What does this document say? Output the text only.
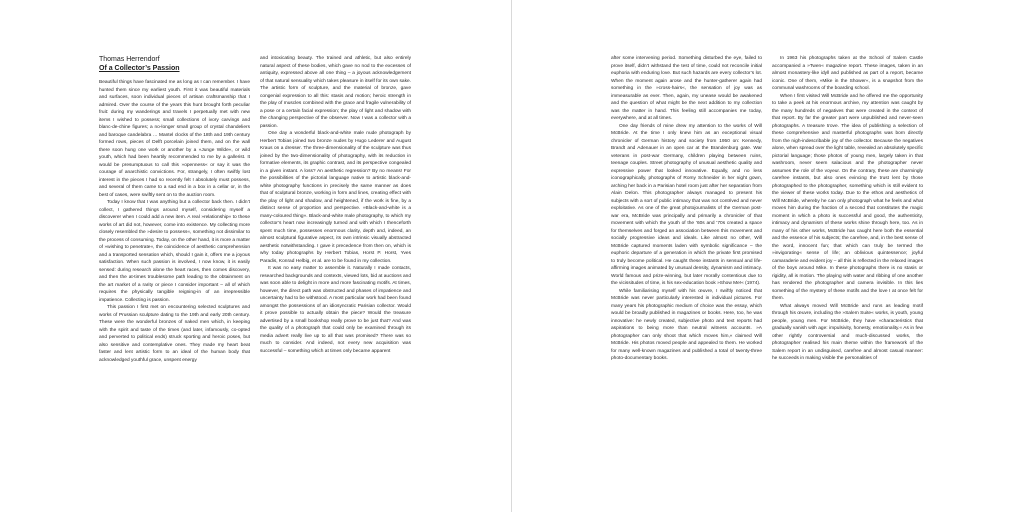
Thomas Herrendorf
Of a Collector’s Passion

Beautiful things have fascinated me as long as I can remember. I have hunted them since my earliest youth. First it was beautiful materials and surfaces, soon individual pieces of artisan craftsmanship that I admired. Over the course of the years this hunt brought forth peculiar fruit: during my wanderings and travels I perpetually met with new items I wished to possess; small collections of ivory carvings and blanc-de-chine figures; a no-longer small group of crystal chandeliers and baroque candelabra … Mantel clocks of the 18th and 19th century formed rows, pieces of Delft porcelain joined them, and on the wall there soon hung one work or another by a »Junge Wilde«, or wild youth, which had been heartily recommended to me by a gallerist. It would be presumptuous to call this »openness« or say it was the courage of anarchistic convictions. For, strangely, I often swiftly lost interest in the pieces I had so recently felt I absolutely must possess, and several of them came to a sad end in a box in a cellar or, in the best of cases, were swiftly sent on to the auction room.

Today I know that I was anything but a collector back then. I didn’t collect, I gathered things around myself, considering myself a discoverer when I could add a new item. A real »relationship« to these works of art did not, however, come into existence. My collecting more closely resembled the »desire to possess«, something not dissimilar to the process of consuming. Today, on the other hand, it is more a matter of »wishing to penetrate«, the coincidence of aesthetic comprehension and a transported sensation which, should I gain it, offers me a joyous satisfaction. When such passion is involved, I now know, it is easily sensed: during research alone the heart races, then comes discovery, and then the at-times troublesome path leading to the obtainment on the art market of a rarity or piece I consider important – all of which requires the physically tangible reigning-in of an irrepressible impatience. Collecting is passion.

This passion I first met on encountering selected sculptures and works of Prussian sculpture dating to the 19th and early 20th century. These were the wonderful bronzes of naked men which, in keeping with the spirit and taste of the times (and later, infamously, co-opted and perverted to political ends) struck sporting and heroic poses, but also sensitive and contemplative ones. They made my heart beat faster and lent artistic form to an ideal of the human body that acknowledged youthful grace, unspent energy

and intoxicating beauty. The trained and athletic, but also entirely natural aspect of these bodies, which gave no nod to the excesses of antiquity, expressed above all one thing – a joyous acknowledgement of that natural sensuality which takes pleasure in itself for its own sake. The artistic form of sculpture, and the material of bronze, gave congenial expression to all this: stasis and motion; heroic strength in the play of muscles combined with the grace and fragile vulnerability of a pose or a certain facial expression; the play of light and shadow with the changing perspective of the observer. Now I was a collector with a passion.

One day a wonderful black-and-white male nude photograph by Herbert Tobias joined two bronze nudes by Hugo Lederer and August Kraus on a dresser. The three-dimensionality of the sculpture was thus joined by the two-dimensionality of photography, with its reduction in formative elements, its graphic contrast, and its perspective congealed in a given instant. A loss? An aesthetic regression? By no means! For the possibilities of the pictorial language native to artistic black-and-white photography functions in precisely the same manner as does that of sculptural bronze, working in form and lines, creating effect with the play of light and shadow, and heightened, if the work is fine, by a distinct sense of proportion and perspective. »Black-and-white is a many-coloured thing«. Black-and-white male photography, to which my collector’s heart now increasingly turned and with which I thenceforth spent much time, possesses enormous clarity, depth and, indeed, an almost sculptural figurative aspect, its own intrinsic visually abstracted aesthetic notwithstanding. I gave it precedence from then on, which is why today photographs by Herbert Tobias, Horst P. Horst, Yves Paradis, Konrad Helbig, et al. are to be found in my collection.

It was no easy matter to assemble it. Naturally I made contacts, researched backgrounds and contexts, viewed lots, bid at auctions and was soon able to delight in more and more fascinating motifs. At times, however, the direct path was obstructed and phases of impatience and uncertainty had to be withstood. A most particular work had been found amongst the possessions of an idiosyncratic Parisian collector. Would it prove possible to actually obtain the piece? Would the treasure advertised by a small bookshop really prove to be just that? And was the quality of a photograph that could only be examined through its media advert really live up to all that was promised? There was so much to consider. And indeed, not every new acquisition was successful – something which at times only became apparent

after some intervening period. Something disturbed the eye, failed to prove itself, didn’t withstand the test of time, could not reconcile initial euphoria with enduring love. But such hazards are every collector’s lot. When the moment again arose and the hunter-gatherer again had something in the »cross-hairs«, the sensation of joy was as immeasurable as ever. Then, again, my unease would be awakened and the question of what might be the next addition to my collection was the matter in hand. This feeling still accompanies me today, everywhere, and at all times.

One day friends of mine drew my attention to the works of Will McBride. At the time I only knew him as an exceptional visual chronicler of German history and society from 1950 on: Kennedy, Brandt and Adenauer in an open car at the Brandenburg gate. War veterans in post-war Germany, children playing between ruins, teenage couples. Street photography of unusual aesthetic quality and expressive power that looked innovative. Equally, and no less iconographically, photographs of Romy Schneider in her night gown, arching her back in a Parisian hotel room just after her separation from Alain Delon. This photographer always managed to present his subjects with a sort of public intimacy that was not contrived and never exploitative. As one of the great photojournalists of the German post-war era, McBride was principally and primarily a chronicler of that movement with which the youth of the ’60s and ’70s created a space for themselves and forged an association between this movement and socially progressive ideas and ideals. Like almost no other, Will McBride captured moments laden with symbolic significance – the euphoric departure of a generation in which the private first promised to truly become political. He caught these instants in sensual and life-affirming images animated by unusual density, dynamism and intimacy. World famous and prize-winning, but later morally contentious due to the vicissitudes of time, is his sex-education book »Show Me!« (1974).

While familiarising myself with his œuvre, I swiftly noticed that McBride was never particularly interested in individual pictures. For many years his photographic medium of choice was the essay, which would be broadly published in magazines or books. Here, too, he was innovative: he newly created, subjective photo and text reports had aspirations to being more than neutral witness accounts. »A photographer can only shoot that which moves him,« claimed Will McBride. His photos moved people and appealed to them. He worked for many well-known magazines and published a total of twenty-three photo-documentary books.

In 1963 his photographs taken at the School of Salem Castle accompanied a »Twen« magazine report. These images, taken in an almost monastery-like idyll and published as part of a report, became iconic. One of them, »Mike in the Shower«, is a snapshot from the communal washrooms of the boarding school.

When I first visited Will McBride and he offered me the opportunity to take a peek at his enormous archive, my attention was caught by the many hundreds of negatives that were created in the context of that report. By far the greater part were unpublished and never-seen photographs. A treasure trove. The idea of publishing a selection of these comprehensive and masterful photographs was born directly from the nigh-indescribable joy of the collector. Because the negatives alone, when spread over the light table, revealed an absolutely specific pictorial language; those photos of young men, largely taken in that washroom, never seem salacious and the photographer never assumes the role of the voyeur. On the contrary, these are charmingly carefree instants, but also ones evincing the trust lent by those photographed to the photographer, something which is still evident to the viewer of these works today. Due to the ethos and aesthetics of Will McBride, whereby he can only photograph what he feels and what moves him during the fraction of a second that constitutes the magic moment in which a photo is successful and good, the authenticity, intimacy and dynamism of these works shine through here, too. As in many of his other works, McBride has caught here both the essential and the essence of his subjects; the carefree, and, in the best sense of the word, innocent fun; that which can truly be termed the »invigorating« sense of life; an oblivious quintessence; joyful camaraderie and evident joy – all this is reflected in the relaxed images of the boys around Mike. In these photographs there is no stasis or rigidity, all is motion. The playing with water and ribbing of one another has rendered the photographer and camera invisible. In this lies something of the mystery of these motifs and the love I at once felt for them.

What always moved Will McBride and runs as leading motif through his œuvre, including the »Salem Suite« works, is youth, young people, young men. For McBride, they have »characteristics that gradually vanish with age: impulsivity, honesty, emotionality.« As in few other rightly controversial and much-discussed works, the photographer realised his main theme within the framework of the Salem report in an undisguised, carefree and almost casual manner: he succeeds in making visible the personalities of
